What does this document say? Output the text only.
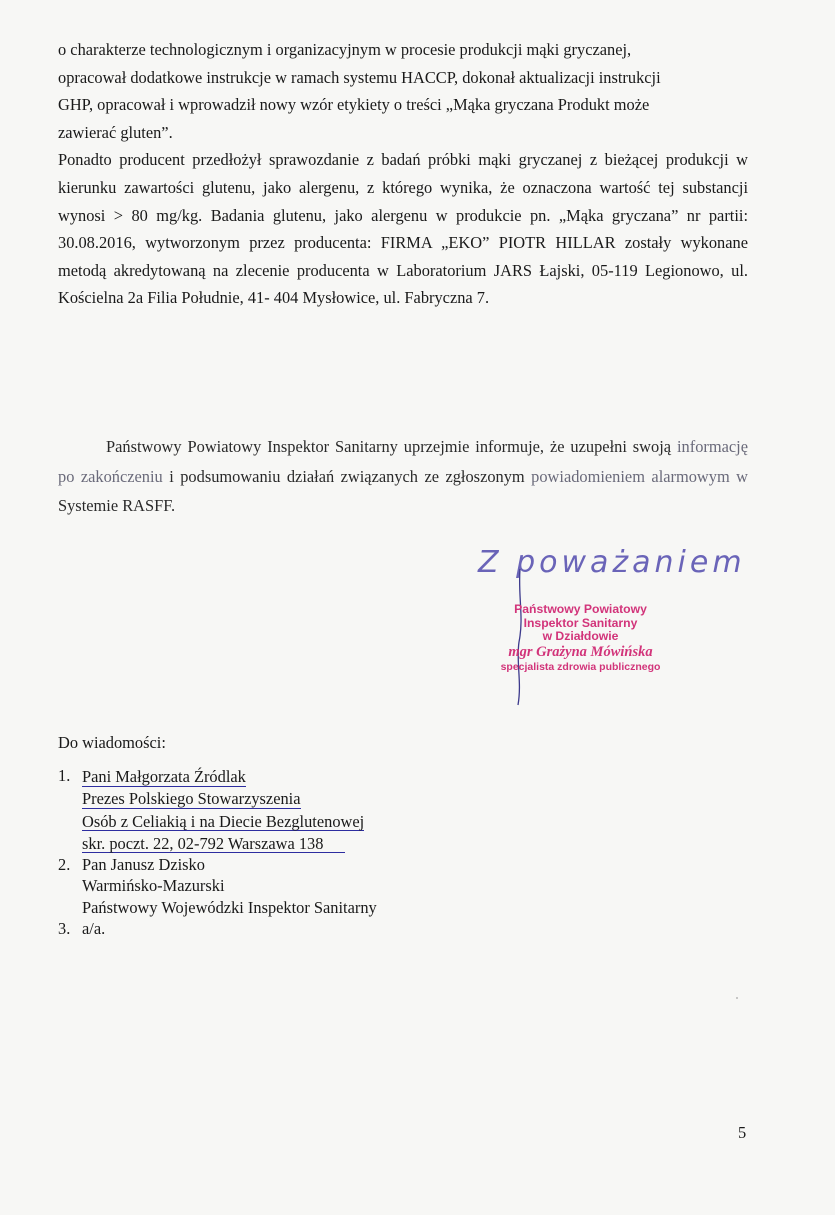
o charakterze technologicznym i organizacyjnym w procesie produkcji mąki gryczanej,

opracował dodatkowe instrukcje w ramach systemu HACCP, dokonał aktualizacji instrukcji

GHP, opracował i wprowadził nowy wzór etykiety o treści „Mąka gryczana Produkt może

zawierać gluten”.

Ponadto producent przedłożył sprawozdanie z badań próbki mąki gryczanej z bieżącej produkcji w kierunku zawartości glutenu, jako alergenu, z którego wynika, że oznaczona wartość tej substancji wynosi > 80 mg/kg. Badania glutenu, jako alergenu w produkcie pn. „Mąka gryczana” nr partii: 30.08.2016, wytworzonym przez producenta: FIRMA „EKO” PIOTR HILLAR zostały wykonane metodą akredytowaną na zlecenie producenta w Laboratorium JARS Łajski, 05-119 Legionowo, ul. Kościelna 2a Filia Południe, 41- 404 Mysłowice, ul. Fabryczna 7.

Państwowy Powiatowy Inspektor Sanitarny uprzejmie informuje, że uzupełni swoją informację po zakończeniu i podsumowaniu działań związanych ze zgłoszonym powiadomieniem alarmowym w Systemie RASFF.

Z poważaniem
Państwowy Powiatowy
Inspektor Sanitarny
w Działdowie
mgr Grażyna Mówińska
specjalista zdrowia publicznego
Do wiadomości:
1. Pani Małgorzata Źródlak
Prezes Polskiego Stowarzyszenia
Osób z Celiakią i na Diecie Bezglutenowej
skr. poczt. 22, 02-792 Warszawa 138
2. Pan Janusz Dzisko
Warmińsko-Mazurski
Państwowy Wojewódzki Inspektor Sanitarny
3. a/a.
5
